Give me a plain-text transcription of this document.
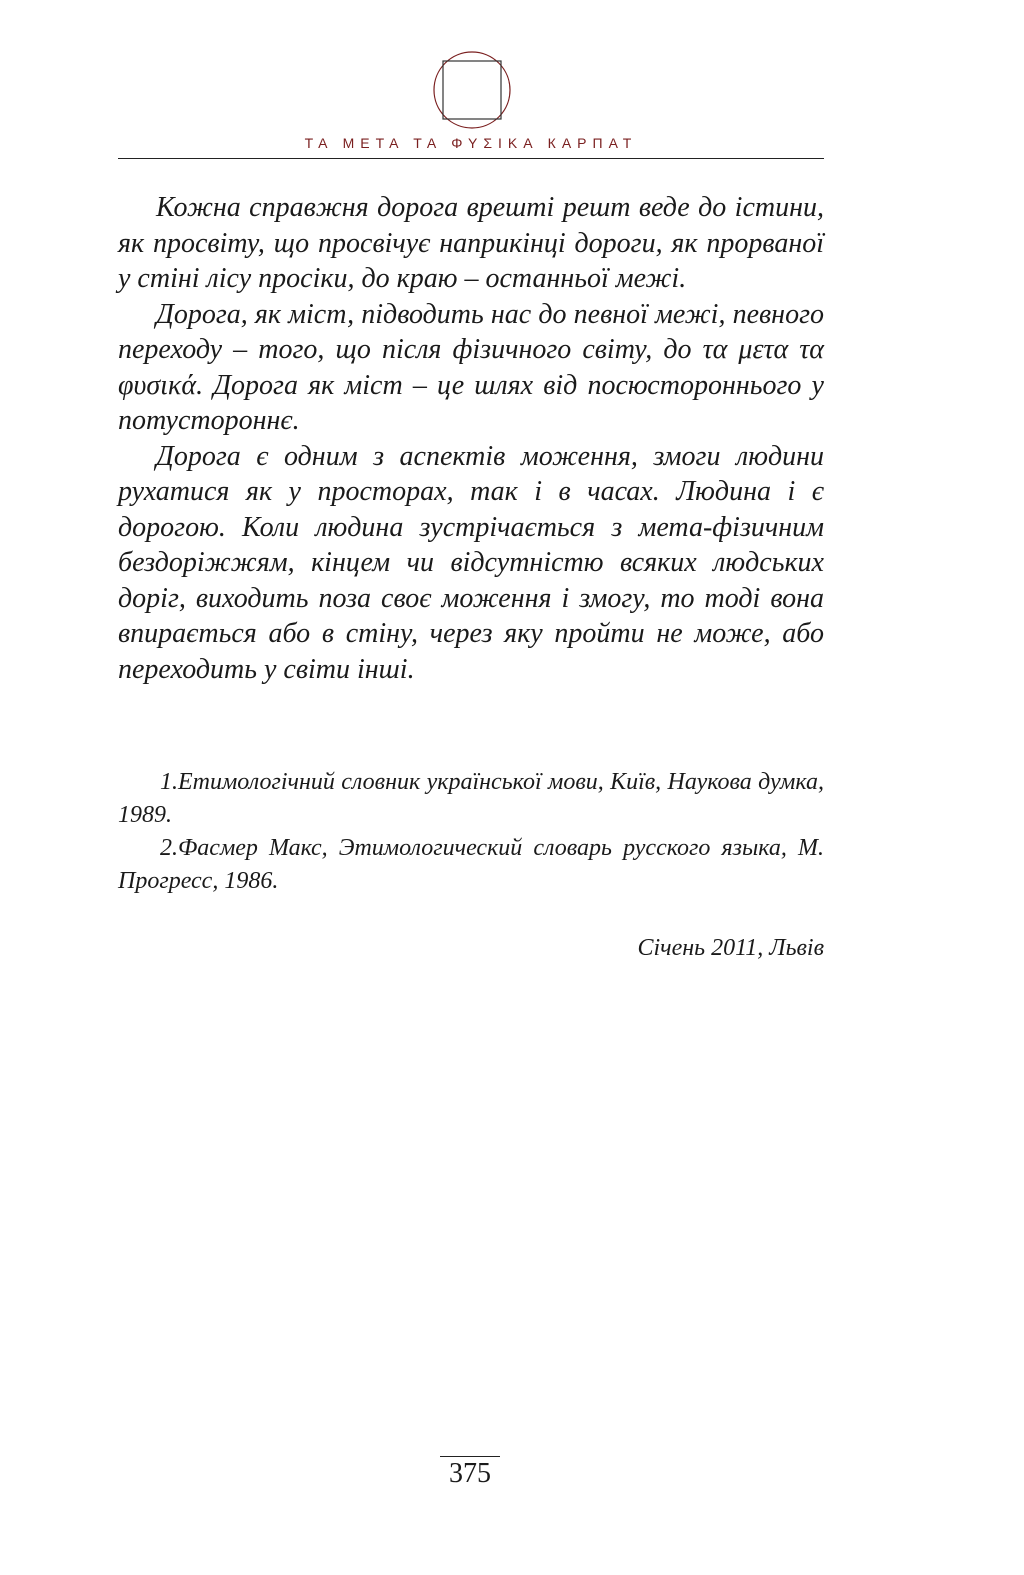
ΤΑ ΜΕΤΑ ΤΑ ΦΥΣΙΚΑ КАРПАТ

Кожна справжня дорога врешті решт веде до істини, як просвіту, що просвічує наприкінці дороги, як прорваної у стіні лісу просіки, до краю – останньої межі.

Дорога, як міст, підводить нас до певної межі, певного переходу – того, що після фізичного світу, до τα μετα τα φυσικά. Дорога як міст – це шлях від посюстороннього у потустороннє.

Дорога є одним з аспектів моження, змоги людини рухатися як у просторах, так і в часах. Людина і є дорогою. Коли людина зустрічається з мета-фізичним бездоріжжям, кінцем чи відсутністю всяких людських доріг, виходить поза своє моження і змогу, то тоді вона впирається або в стіну, через яку пройти не може, або переходить у світи інші.

1.Етимологічний словник української мови, Київ, Наукова думка, 1989.

2.Фасмер Макс, Этимологический словарь русского языка, М. Прогресс, 1986.

Січень 2011, Львів
375
